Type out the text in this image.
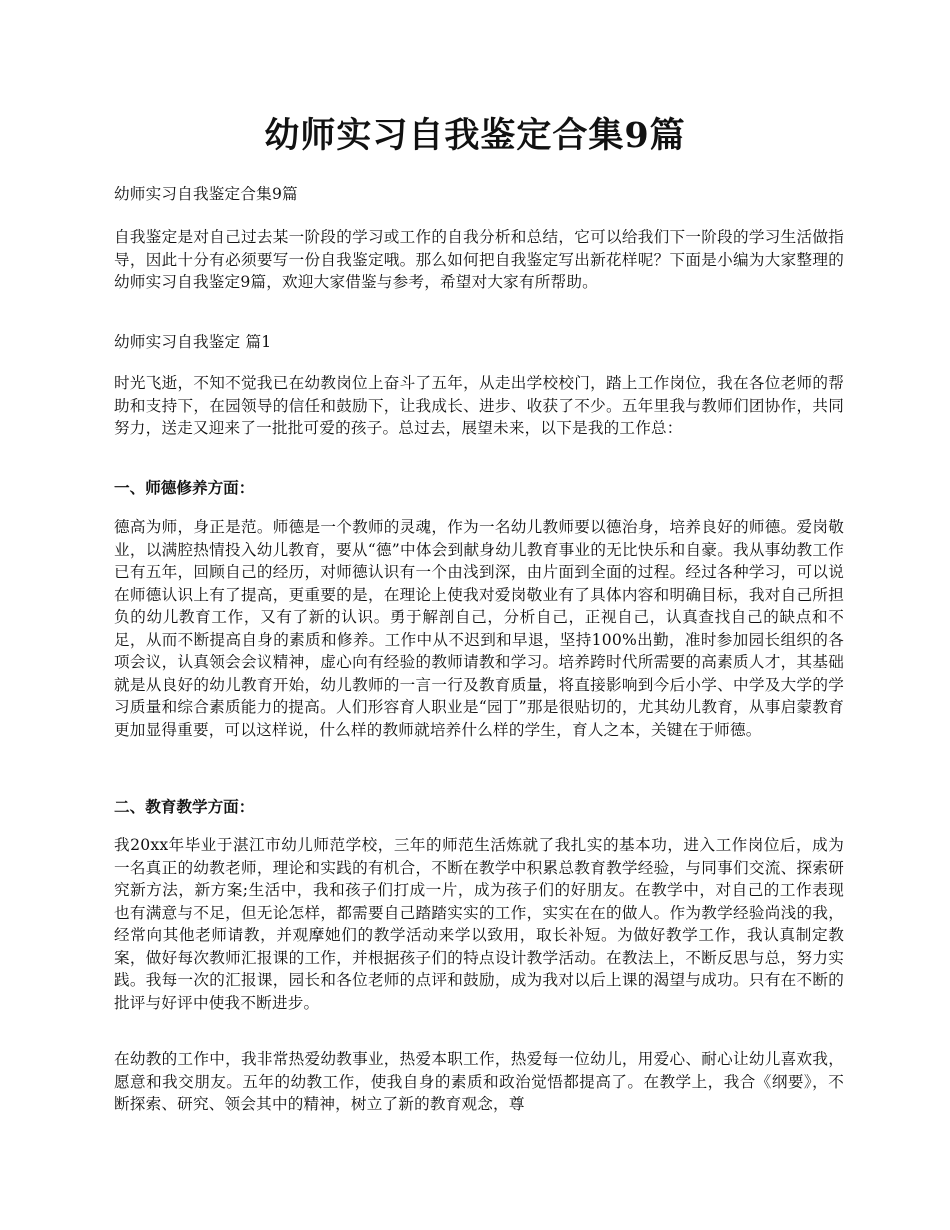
幼师实习自我鉴定合集9篇

幼师实习自我鉴定合集9篇

自我鉴定是对自己过去某一阶段的学习或工作的自我分析和总结，它可以给我们下一阶段的学习生活做指导，因此十分有必须要写一份自我鉴定哦。那么如何把自我鉴定写出新花样呢？下面是小编为大家整理的幼师实习自我鉴定9篇，欢迎大家借鉴与参考，希望对大家有所帮助。

幼师实习自我鉴定 篇1

时光飞逝，不知不觉我已在幼教岗位上奋斗了五年，从走出学校校门，踏上工作岗位，我在各位老师的帮助和支持下，在园领导的信任和鼓励下，让我成长、进步、收获了不少。五年里我与教师们团协作，共同努力，送走又迎来了一批批可爱的孩子。总过去，展望未来，以下是我的工作总：

一、师德修养方面：

德高为师，身正是范。师德是一个教师的灵魂，作为一名幼儿教师要以德治身，培养良好的师德。爱岗敬业，以满腔热情投入幼儿教育，要从“德”中体会到献身幼儿教育事业的无比快乐和自豪。我从事幼教工作已有五年，回顾自己的经历，对师德认识有一个由浅到深，由片面到全面的过程。经过各种学习，可以说在师德认识上有了提高，更重要的是，在理论上使我对爱岗敬业有了具体内容和明确目标，我对自己所担负的幼儿教育工作，又有了新的认识。勇于解剖自己，分析自己，正视自己，认真查找自己的缺点和不足，从而不断提高自身的素质和修养。工作中从不迟到和早退，坚持100%出勤，准时参加园长组织的各项会议，认真领会会议精神，虚心向有经验的教师请教和学习。培养跨时代所需要的高素质人才，其基础就是从良好的幼儿教育开始，幼儿教师的一言一行及教育质量，将直接影响到今后小学、中学及大学的学习质量和综合素质能力的提高。人们形容育人职业是“园丁”那是很贴切的，尤其幼儿教育，从事启蒙教育更加显得重要，可以这样说，什么样的教师就培养什么样的学生，育人之本，关键在于师德。

二、教育教学方面：

我20xx年毕业于湛江市幼儿师范学校，三年的师范生活炼就了我扎实的基本功，进入工作岗位后，成为一名真正的幼教老师，理论和实践的有机合，不断在教学中积累总教育教学经验，与同事们交流、探索研究新方法，新方案;生活中，我和孩子们打成一片，成为孩子们的好朋友。在教学中，对自己的工作表现也有满意与不足，但无论怎样，都需要自己踏踏实实的工作，实实在在的做人。作为教学经验尚浅的我，经常向其他老师请教，并观摩她们的教学活动来学以致用，取长补短。为做好教学工作，我认真制定教案，做好每次教师汇报课的工作，并根据孩子们的特点设计教学活动。在教法上，不断反思与总，努力实践。我每一次的汇报课，园长和各位老师的点评和鼓励，成为我对以后上课的渴望与成功。只有在不断的批评与好评中使我不断进步。

在幼教的工作中，我非常热爱幼教事业，热爱本职工作，热爱每一位幼儿，用爱心、耐心让幼儿喜欢我，愿意和我交朋友。五年的幼教工作，使我自身的素质和政治觉悟都提高了。在教学上，我合《纲要》，不断探索、研究、领会其中的精神，树立了新的教育观念，尊
